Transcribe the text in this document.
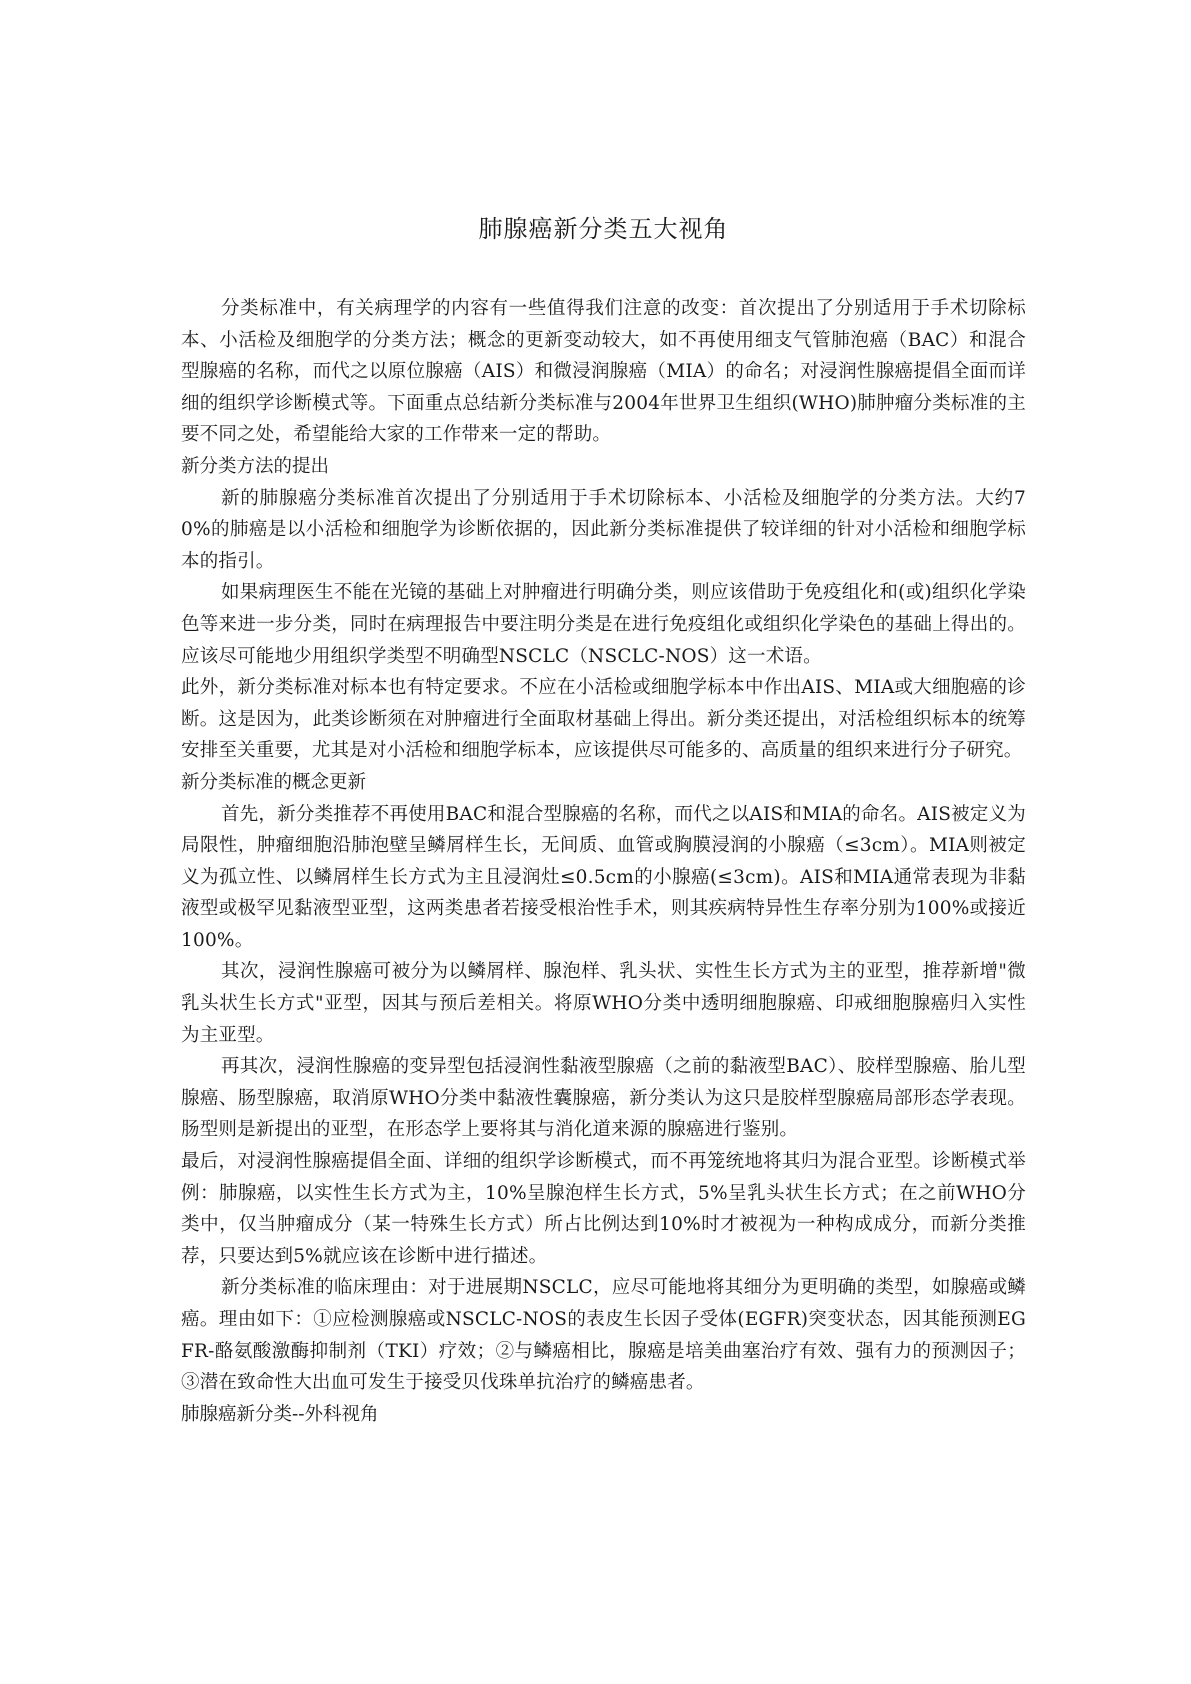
肺腺癌新分类五大视角

分类标准中，有关病理学的内容有一些值得我们注意的改变：首次提出了分别适用于手术切除标本、小活检及细胞学的分类方法；概念的更新变动较大，如不再使用细支气管肺泡癌（BAC）和混合型腺癌的名称，而代之以原位腺癌（AIS）和微浸润腺癌（MIA）的命名；对浸润性腺癌提倡全面而详细的组织学诊断模式等。下面重点总结新分类标准与2004年世界卫生组织(WHO)肺肿瘤分类标准的主要不同之处，希望能给大家的工作带来一定的帮助。

新分类方法的提出

新的肺腺癌分类标准首次提出了分别适用于手术切除标本、小活检及细胞学的分类方法。大约70%的肺癌是以小活检和细胞学为诊断依据的，因此新分类标准提供了较详细的针对小活检和细胞学标本的指引。

如果病理医生不能在光镜的基础上对肿瘤进行明确分类，则应该借助于免疫组化和(或)组织化学染色等来进一步分类，同时在病理报告中要注明分类是在进行免疫组化或组织化学染色的基础上得出的。应该尽可能地少用组织学类型不明确型NSCLC（NSCLC-NOS）这一术语。

此外，新分类标准对标本也有特定要求。不应在小活检或细胞学标本中作出AIS、MIA或大细胞癌的诊断。这是因为，此类诊断须在对肿瘤进行全面取材基础上得出。新分类还提出，对活检组织标本的统筹安排至关重要，尤其是对小活检和细胞学标本，应该提供尽可能多的、高质量的组织来进行分子研究。

新分类标准的概念更新

首先，新分类推荐不再使用BAC和混合型腺癌的名称，而代之以AIS和MIA的命名。AIS被定义为局限性，肿瘤细胞沿肺泡壁呈鳞屑样生长，无间质、血管或胸膜浸润的小腺癌（≤3cm）。MIA则被定义为孤立性、以鳞屑样生长方式为主且浸润灶≤0.5cm的小腺癌(≤3cm)。AIS和MIA通常表现为非黏液型或极罕见黏液型亚型，这两类患者若接受根治性手术，则其疾病特异性生存率分别为100%或接近100%。

其次，浸润性腺癌可被分为以鳞屑样、腺泡样、乳头状、实性生长方式为主的亚型，推荐新增"微乳头状生长方式"亚型，因其与预后差相关。将原WHO分类中透明细胞腺癌、印戒细胞腺癌归入实性为主亚型。

再其次，浸润性腺癌的变异型包括浸润性黏液型腺癌（之前的黏液型BAC）、胶样型腺癌、胎儿型腺癌、肠型腺癌，取消原WHO分类中黏液性囊腺癌，新分类认为这只是胶样型腺癌局部形态学表现。肠型则是新提出的亚型，在形态学上要将其与消化道来源的腺癌进行鉴别。

最后，对浸润性腺癌提倡全面、详细的组织学诊断模式，而不再笼统地将其归为混合亚型。诊断模式举例：肺腺癌，以实性生长方式为主，10%呈腺泡样生长方式，5%呈乳头状生长方式；在之前WHO分类中，仅当肿瘤成分（某一特殊生长方式）所占比例达到10%时才被视为一种构成成分，而新分类推荐，只要达到5%就应该在诊断中进行描述。

新分类标准的临床理由：对于进展期NSCLC，应尽可能地将其细分为更明确的类型，如腺癌或鳞癌。理由如下：①应检测腺癌或NSCLC-NOS的表皮生长因子受体(EGFR)突变状态，因其能预测EGFR-酪氨酸激酶抑制剂（TKI）疗效；②与鳞癌相比，腺癌是培美曲塞治疗有效、强有力的预测因子；③潜在致命性大出血可发生于接受贝伐珠单抗治疗的鳞癌患者。

肺腺癌新分类--外科视角
